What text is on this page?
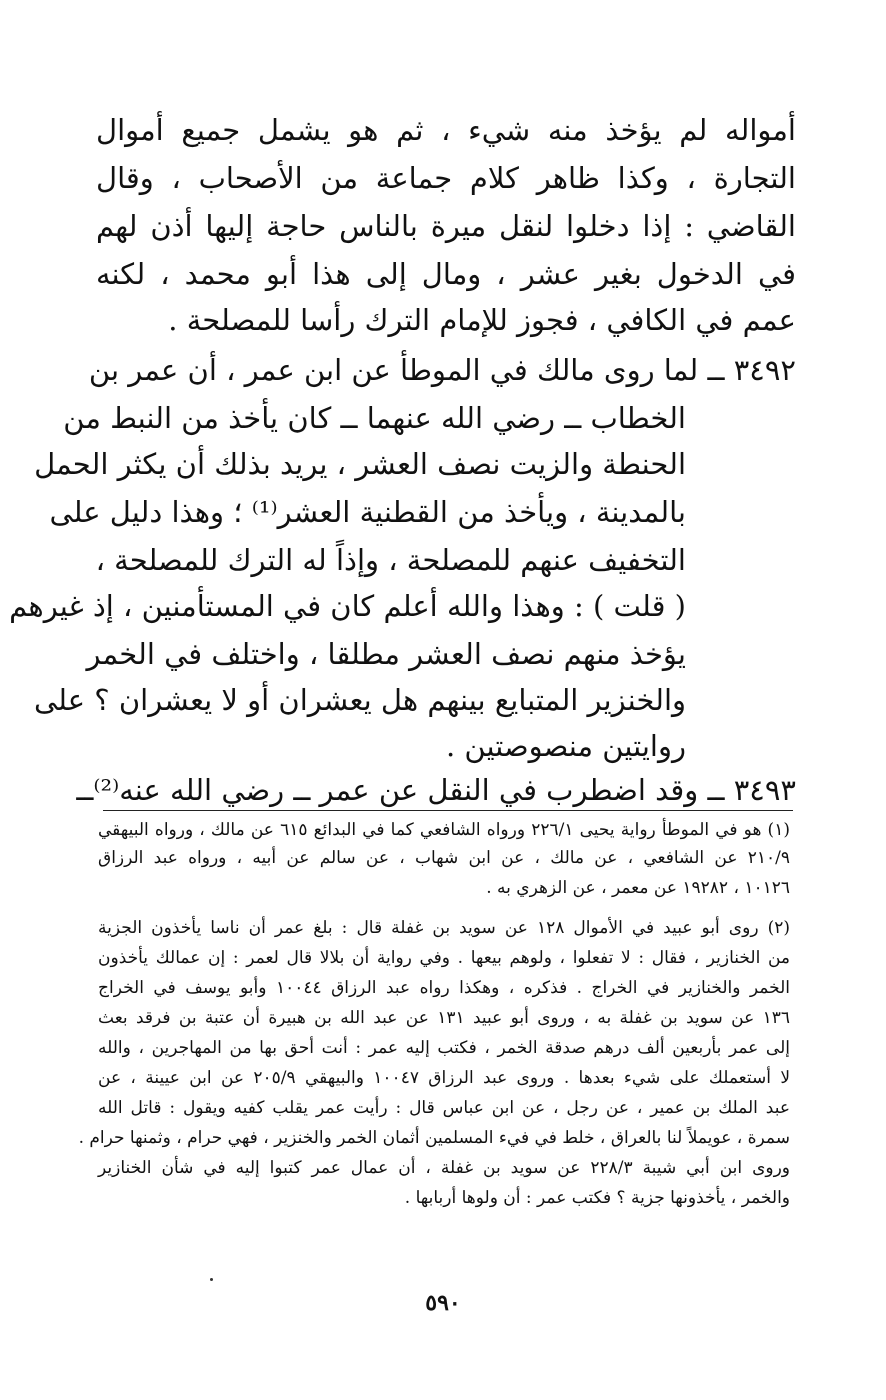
أمواله لم يؤخذ منه شيء ، ثم هو يشمل جميع أموال
التجارة ، وكذا ظاهر كلام جماعة من الأصحاب ، وقال
القاضي : إذا دخلوا لنقل ميرة بالناس حاجة إليها أذن لهم
في الدخول بغير عشر ، ومال إلى هذا أبو محمد ، لكنه
عمم في الكافي ، فجوز للإمام الترك رأسا للمصلحة .
٣٤٩٢ ــ لما روى مالك في الموطأ عن ابن عمر ، أن عمر بن
الخطاب ــ رضي الله عنهما ــ كان يأخذ من النبط من
الحنطة والزيت نصف العشر ، يريد بذلك أن يكثر الحمل
بالمدينة ، ويأخذ من القطنية العشر⁽¹⁾ ؛ وهذا دليل على
التخفيف عنهم للمصلحة ، وإذاً له الترك للمصلحة ،
( قلت ) : وهذا والله أعلم كان في المستأمنين ، إذ غيرهم
يؤخذ منهم نصف العشر مطلقا ، واختلف في الخمر
والخنزير المتبايع بينهم هل يعشران أو لا يعشران ؟ على
روايتين منصوصتين .
٣٤٩٣ ــ وقد اضطرب في النقل عن عمر ــ رضي الله عنه⁽²⁾ــ
(١) هو في الموطأ رواية يحيى ٢٢٦/١ ورواه الشافعي كما في البدائع ٦١٥ عن مالك ، ورواه البيهقي
٢١٠/٩ عن الشافعي ، عن مالك ، عن ابن شهاب ، عن سالم عن أبيه ، ورواه عبد الرزاق
١٠١٢٦ ، ١٩٢٨٢ عن معمر ، عن الزهري به .
(٢) روى أبو عبيد في الأموال ١٢٨ عن سويد بن غفلة قال : بلغ عمر أن ناسا يأخذون الجزية
من الخنازير ، فقال : لا تفعلوا ، ولوهم بيعها . وفي رواية أن بلالا قال لعمر : إن عمالك يأخذون
الخمر والخنازير في الخراج . فذكره ، وهكذا رواه عبد الرزاق ١٠٠٤٤ وأبو يوسف في الخراج
١٣٦ عن سويد بن غفلة به ، وروى أبو عبيد ١٣١ عن عبد الله بن هبيرة أن عتبة بن فرقد بعث
إلى عمر بأربعين ألف درهم صدقة الخمر ، فكتب إليه عمر : أنت أحق بها من المهاجرين ، والله
لا أستعملك على شيء بعدها . وروى عبد الرزاق ١٠٠٤٧ والبيهقي ٢٠٥/٩ عن ابن عيينة ، عن
عبد الملك بن عمير ، عن رجل ، عن ابن عباس قال : رأيت عمر يقلب كفيه ويقول : قاتل الله
سمرة ، عويملاً لنا بالعراق ، خلط في فيء المسلمين أثمان الخمر والخنزير ، فهي حرام ، وثمنها حرام .
وروى ابن أبي شيبة ٢٢٨/٣ عن سويد بن غفلة ، أن عمال عمر كتبوا إليه في شأن الخنازير
والخمر ، يأخذونها جزية ؟ فكتب عمر : أن ولوها أربابها .
٥٩٠
